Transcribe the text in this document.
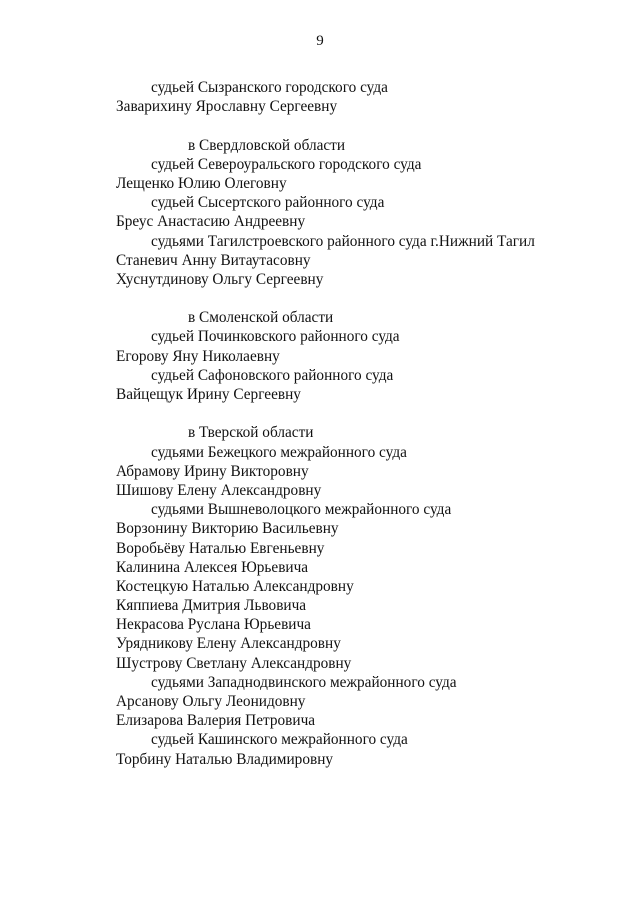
9
судьей Сызранского городского суда
Заварихину Ярославну Сергеевну
в Свердловской области
судьей Североуральского городского суда
Лещенко Юлию Олеговну
судьей Сысертского районного суда
Бреус Анастасию Андреевну
судьями Тагилстроевского районного суда г.Нижний Тагил
Станевич Анну Витаутасовну
Хуснутдинову Ольгу Сергеевну
в Смоленской области
судьей Починковского районного суда
Егорову Яну Николаевну
судьей Сафоновского районного суда
Вайцещук Ирину Сергеевну
в Тверской области
судьями Бежецкого межрайонного суда
Абрамову Ирину Викторовну
Шишову Елену Александровну
судьями Вышневолоцкого межрайонного суда
Ворзонину Викторию Васильевну
Воробьёву Наталью Евгеньевну
Калинина Алексея Юрьевича
Костецкую Наталью Александровну
Кяппиева Дмитрия Львовича
Некрасова Руслана Юрьевича
Урядникову Елену Александровну
Шустрову Светлану Александровну
судьями Западнодвинского межрайонного суда
Арсанову Ольгу Леонидовну
Елизарова Валерия Петровича
судьей Кашинского межрайонного суда
Торбину Наталью Владимировну
